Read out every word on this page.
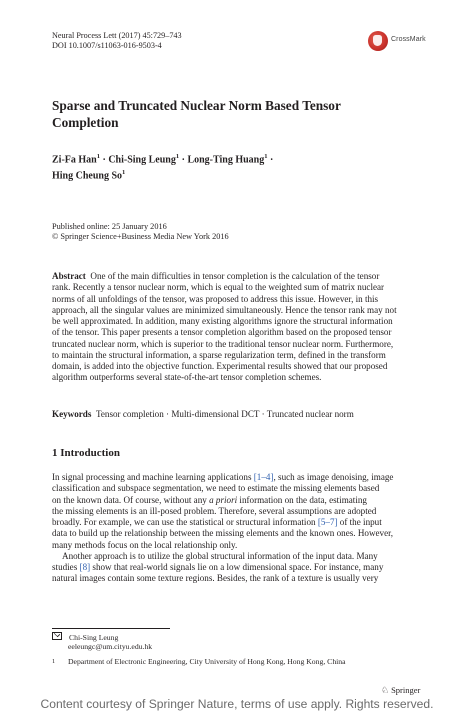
Neural Process Lett (2017) 45:729–743
DOI 10.1007/s11063-016-9503-4
CrossMark
Sparse and Truncated Nuclear Norm Based Tensor
Completion
Zi-Fa Han$^1$ · Chi-Sing Leung$^1$ · Long-Ting Huang$^1$ ·
Hing Cheung So$^1$
Published online: 25 January 2016
© Springer Science+Business Media New York 2016
Abstract One of the main difficulties in tensor completion is the calculation of the tensor
rank. Recently a tensor nuclear norm, which is equal to the weighted sum of matrix nuclear
norms of all unfoldings of the tensor, was proposed to address this issue. However, in this
approach, all the singular values are minimized simultaneously. Hence the tensor rank may not
be well approximated. In addition, many existing algorithms ignore the structural information
of the tensor. This paper presents a tensor completion algorithm based on the proposed tensor
truncated nuclear norm, which is superior to the traditional tensor nuclear norm. Furthermore,
to maintain the structural information, a sparse regularization term, defined in the transform
domain, is added into the objective function. Experimental results showed that our proposed
algorithm outperforms several state-of-the-art tensor completion schemes.
Keywords Tensor completion · Multi-dimensional DCT · Truncated nuclear norm
1 Introduction
In signal processing and machine learning applications [1–4], such as image denoising, image
classification and subspace segmentation, we need to estimate the missing elements based
on the known data. Of course, without any a priori information on the data, estimating
the missing elements is an ill-posed problem. Therefore, several assumptions are adopted
broadly. For example, we can use the statistical or structural information [5–7] of the input
data to build up the relationship between the missing elements and the known ones. However,
many methods focus on the local relationship only.
Another approach is to utilize the global structural information of the input data. Many
studies [8] show that real-world signals lie on a low dimensional space. For instance, many
natural images contain some texture regions. Besides, the rank of a texture is usually very
Chi-Sing Leung
eeleungc@um.cityu.edu.hk
$^1$ Department of Electronic Engineering, City University of Hong Kong, Hong Kong, China
♘ Springer
Content courtesy of Springer Nature, terms of use apply. Rights reserved.
